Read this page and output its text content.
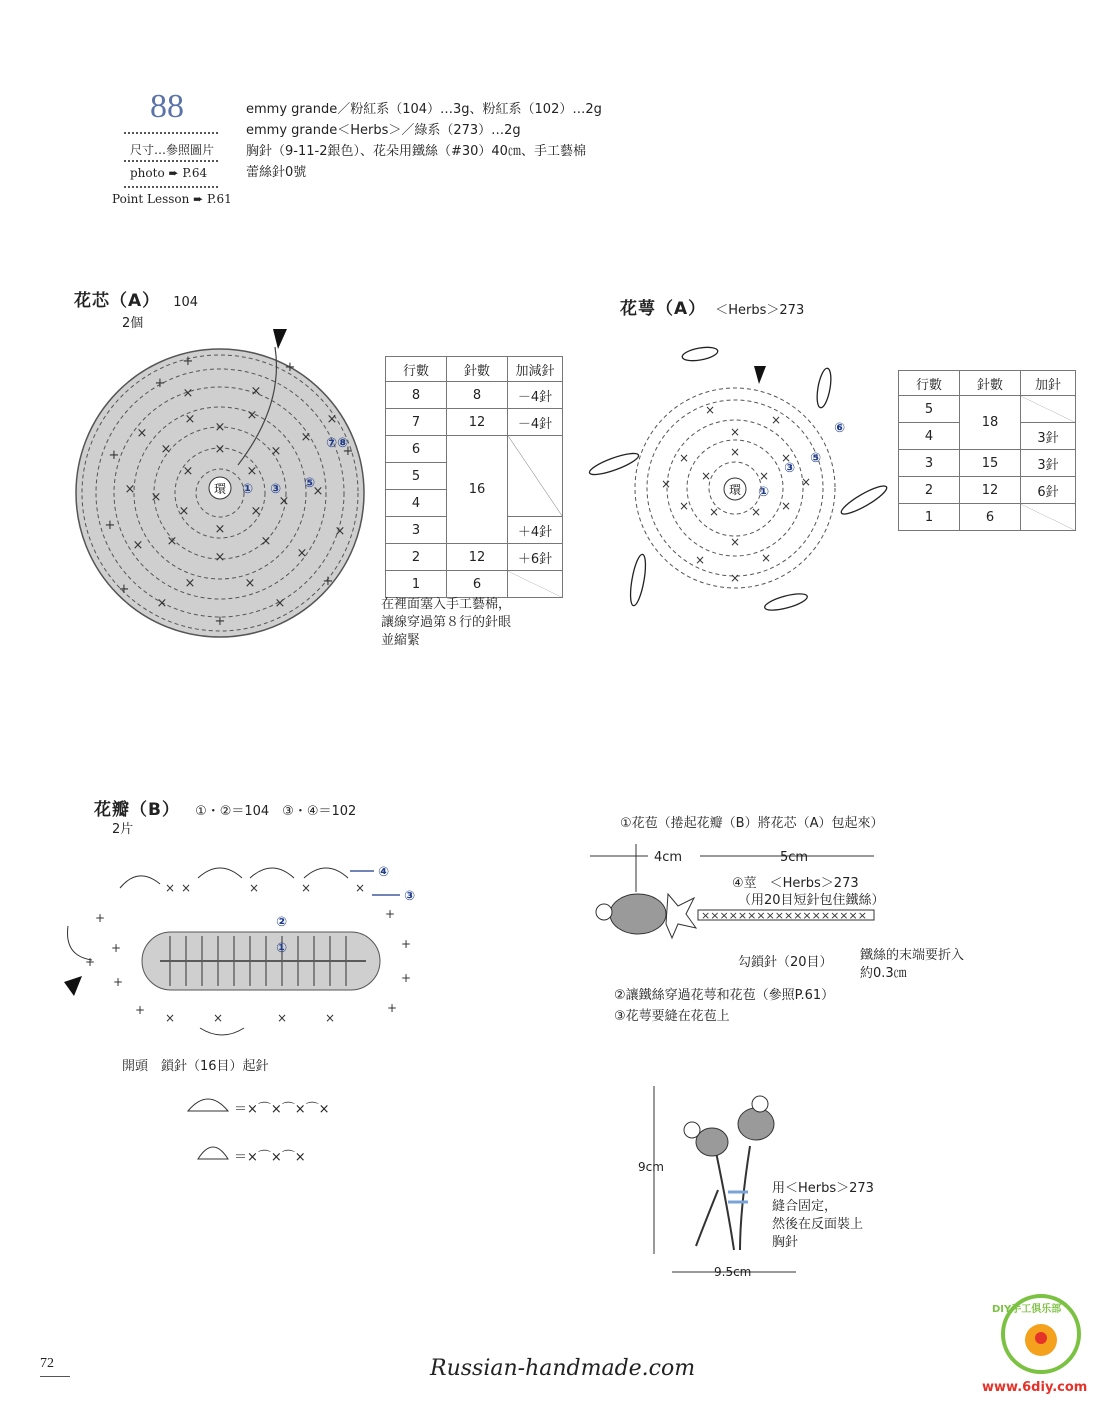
88
尺寸…參照圖片
photo ➨ P.64
Point Lesson ➨ P.61
emmy grande／粉紅系（104）…3g、粉紅系（102）…2g
emmy grande＜Herbs＞／綠系（273）…2g
胸針（9-11-2銀色）、花朵用鐵絲（#30）40㎝、手工藝棉
蕾絲針0號
花芯（A） 104
2個
×
×
×
×
×
×
×
×
×
×
×
×
×
×
×	×
×
×
×
×
×
×
×
×
×	×
×
×
×
×
+
+
+
+
+
+
+
+
+
環 ① ③ ⑤
⑦⑧
行數	針數	加減針
8	8	－4針
7	12	－4針
6	16	
5		
4		
3		＋4針
2	12	＋6針
1	6	
在裡面塞入手工藝棉，
讓線穿過第８行的針眼
並縮緊
花萼（A） ＜Herbs＞273
×
×
×
×
×
×
×
×
×
×
×
×
×
×
×
×
×
×
環 ①
③
⑤
⑥
行數	針數	加針
5	18	
4		3針
3	15	3針
2	12	6針
1	6	
花瓣（B） ①・②＝104　③・④＝102
2片
× ×	×	×	×
+
+
+
+
+
+
+
×	×	×	×
+
+
④
③
②
①
開頭　鎖針（16目）起針
＝×⌒×⌒×⌒×
＝×⌒×⌒×
①花苞（捲起花瓣（B）將花芯（A）包起來）
××××××××××××××××××
4cm	5cm
④莖　＜Herbs＞273
（用20目短針包住鐵絲）
勾鎖針（20目） 鐵絲的末端要折入
約0.3㎝
②讓鐵絲穿過花萼和花苞（參照P.61）
③花萼要縫在花苞上
9cm
9.5cm
用＜Herbs＞273
縫合固定，
然後在反面裝上
胸針
72	Russian-handmade.com
DIY手工俱乐部
www.6diy.com
